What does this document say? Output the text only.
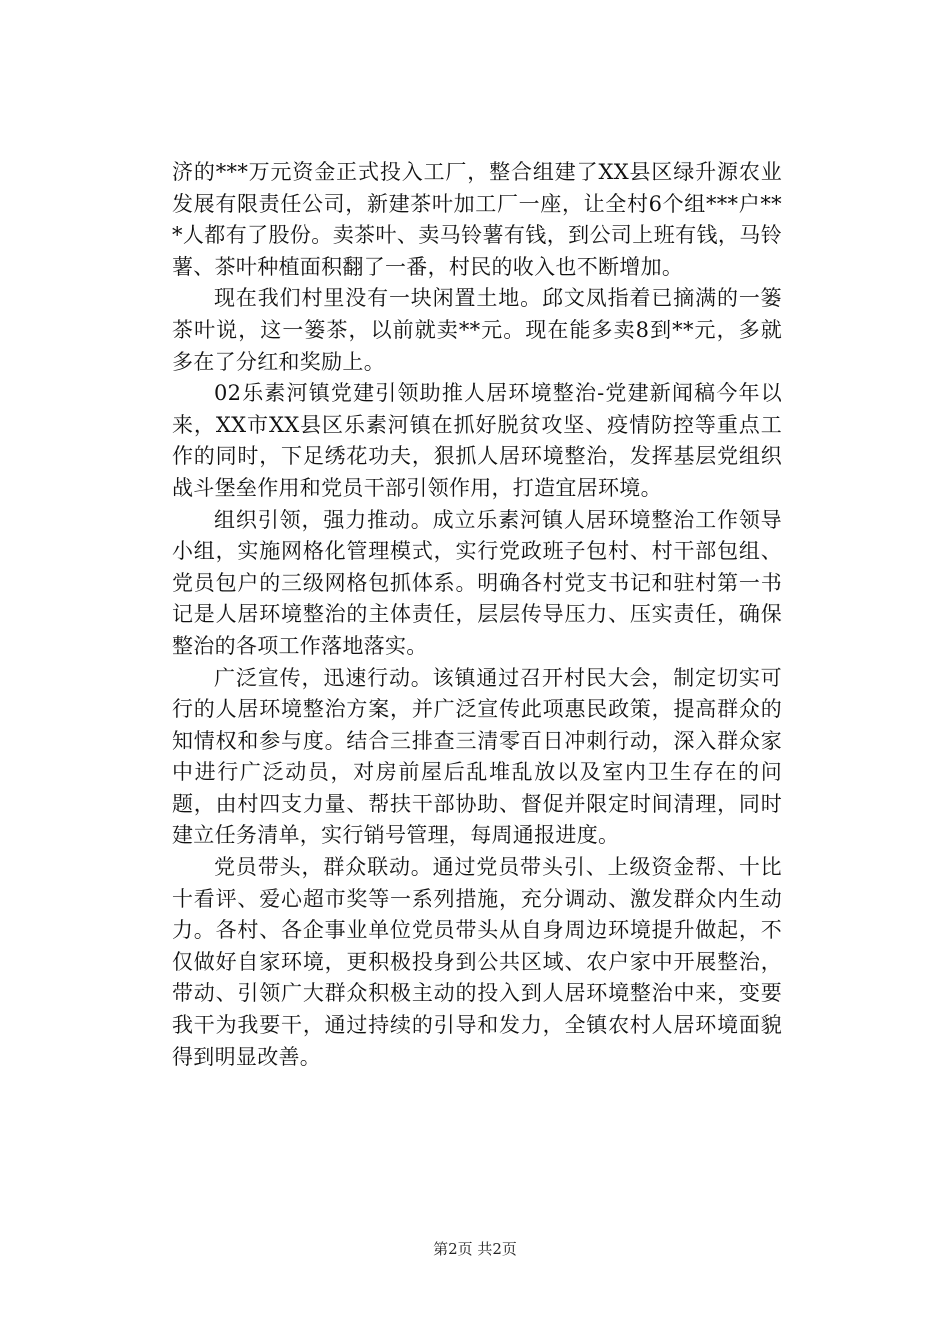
济的***万元资金正式投入工厂，整合组建了XX县区绿升源农业发展有限责任公司，新建茶叶加工厂一座，让全村6个组***户***人都有了股份。卖茶叶、卖马铃薯有钱，到公司上班有钱，马铃薯、茶叶种植面积翻了一番，村民的收入也不断增加。

现在我们村里没有一块闲置土地。邱文凤指着已摘满的一篓茶叶说，这一篓茶，以前就卖**元。现在能多卖8到**元，多就多在了分红和奖励上。

02乐素河镇党建引领助推人居环境整治-党建新闻稿今年以来，XX市XX县区乐素河镇在抓好脱贫攻坚、疫情防控等重点工作的同时，下足绣花功夫，狠抓人居环境整治，发挥基层党组织战斗堡垒作用和党员干部引领作用，打造宜居环境。

组织引领，强力推动。成立乐素河镇人居环境整治工作领导小组，实施网格化管理模式，实行党政班子包村、村干部包组、党员包户的三级网格包抓体系。明确各村党支书记和驻村第一书记是人居环境整治的主体责任，层层传导压力、压实责任，确保整治的各项工作落地落实。

广泛宣传，迅速行动。该镇通过召开村民大会，制定切实可行的人居环境整治方案，并广泛宣传此项惠民政策，提高群众的知情权和参与度。结合三排查三清零百日冲刺行动，深入群众家中进行广泛动员，对房前屋后乱堆乱放以及室内卫生存在的问题，由村四支力量、帮扶干部协助、督促并限定时间清理，同时建立任务清单，实行销号管理，每周通报进度。

党员带头，群众联动。通过党员带头引、上级资金帮、十比十看评、爱心超市奖等一系列措施，充分调动、激发群众内生动力。各村、各企事业单位党员带头从自身周边环境提升做起，不仅做好自家环境，更积极投身到公共区域、农户家中开展整治，带动、引领广大群众积极主动的投入到人居环境整治中来，变要我干为我要干，通过持续的引导和发力，全镇农村人居环境面貌得到明显改善。

第2页 共2页
